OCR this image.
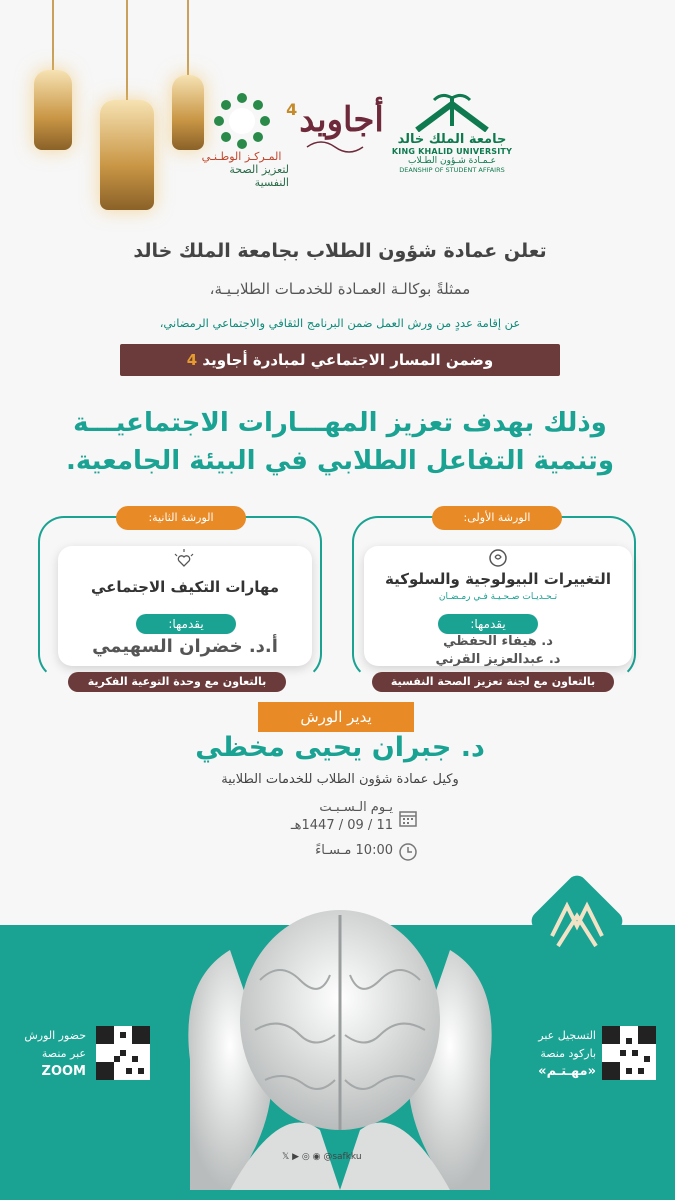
جامعة الملك خالد
KING KHALID UNIVERSITY
عـمـادة شـؤون الطـلاب
DEANSHIP OF STUDENT AFFAIRS
أجاويد
4
المـركـز الوطـنـي
لتعزيز الصحة النفسية
تعلن عمادة شؤون الطلاب بجامعة الملك خالد
ممثلةً بوكالـة العمـادة للخدمـات الطلابـيـة،
عن إقامة عددٍ من ورش العمل ضمن البرنامج الثقافي والاجتماعي الرمضاني،
وضمن المسار الاجتماعي لمبادرة أجاويد 4
وذلك بهدف تعزيز المهـــارات الاجتماعيـــة
وتنمية التفاعل الطلابي في البيئة الجامعية.
الورشة الأولى:
التغييرات البيولوجية والسلوكية
تـحـديـات صـحـيـة فـي رمـضـان
يقدمها:
د. هيفاء الحفظي
د. عبدالعزيز القرني
بالتعاون مع لجنة تعزيز الصحة النفسية
الورشة الثانية:
مهارات التكيف الاجتماعي
يقدمها:
أ.د. خضران السهيمي
بالتعاون مع وحدة التوعية الفكرية
يدير الورش
د. جبران يحيى مخظي
وكيل عمادة شؤون الطلاب للخدمات الطلابية
يـوم الـسـبـت
11 / 09 / 1447هـ
10:00 مـسـاءً
حضور الورش
عبر منصة
ZOOM
التسجيل عبر
باركود منصة
«مهـتـم»
𝕏 ▶ ◎ ◉ @safkku
